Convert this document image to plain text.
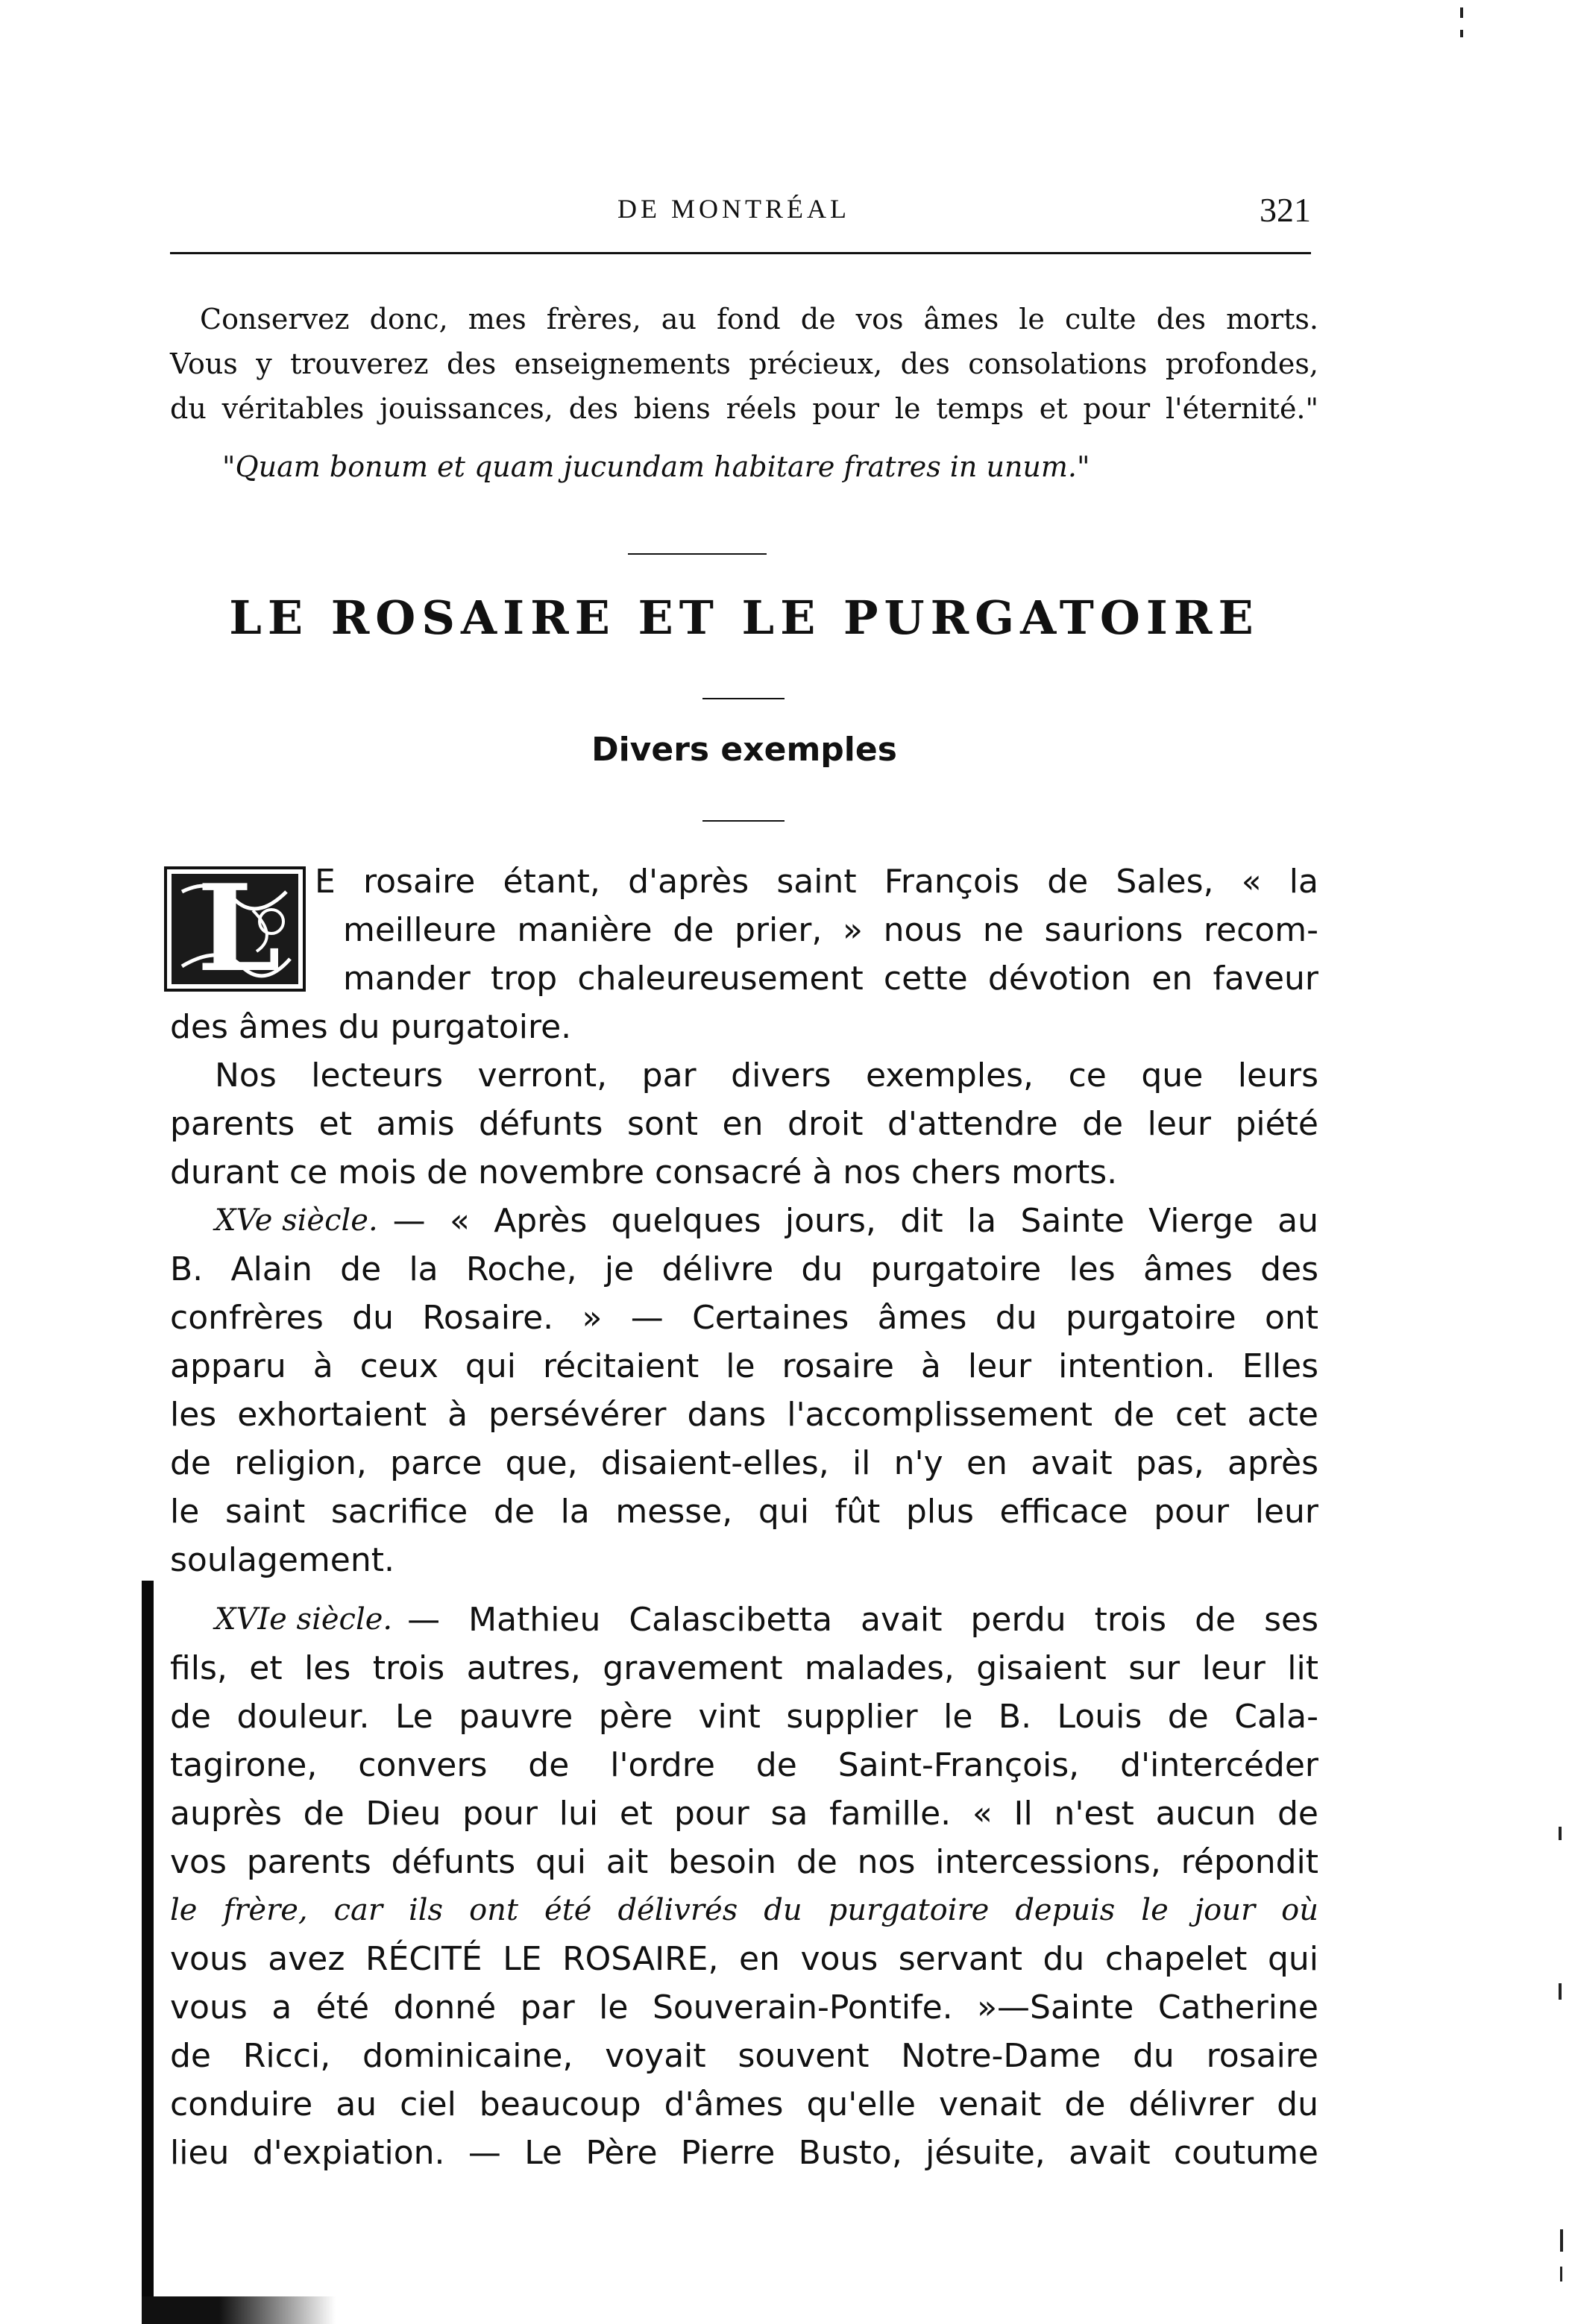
DE MONTRÉAL	321
Conservez donc, mes frères, au fond de vos âmes le culte des morts.
Vous y trouverez des enseignements précieux, des consolations profondes,
du véritables jouissances, des biens réels pour le temps et pour l'éternité."
"Quam bonum et quam jucundam habitare fratres in unum."
LE ROSAIRE ET LE PURGATOIRE
Divers exemples
L E rosaire étant, d'après saint François de Sales, « la
meilleure manière de prier, » nous ne saurions recom-
mander trop chaleureusement cette dévotion en faveur
des âmes du purgatoire.
Nos lecteurs verront, par divers exemples, ce que leurs
parents et amis défunts sont en droit d'attendre de leur piété
durant ce mois de novembre consacré à nos chers morts.
XVe siècle. — « Après quelques jours, dit la Sainte Vierge au
B. Alain de la Roche, je délivre du purgatoire les âmes des
confrères du Rosaire. » — Certaines âmes du purgatoire ont
apparu à ceux qui récitaient le rosaire à leur intention. Elles
les exhortaient à persévérer dans l'accomplissement de cet acte
de religion, parce que, disaient-elles, il n'y en avait pas, après
le saint sacrifice de la messe, qui fût plus efficace pour leur
soulagement.
XVIe siècle. — Mathieu Calascibetta avait perdu trois de ses
fils, et les trois autres, gravement malades, gisaient sur leur lit
de douleur. Le pauvre père vint supplier le B. Louis de Cala-
tagirone, convers de l'ordre de Saint-François, d'intercéder
auprès de Dieu pour lui et pour sa famille. « Il n'est aucun de
vos parents défunts qui ait besoin de nos intercessions, répondit
le frère, car ils ont été délivrés du purgatoire depuis le jour où
vous avez RÉCITÉ LE ROSAIRE, en vous servant du chapelet qui
vous a été donné par le Souverain-Pontife. »—Sainte Catherine
de Ricci, dominicaine, voyait souvent Notre-Dame du rosaire
conduire au ciel beaucoup d'âmes qu'elle venait de délivrer du
lieu d'expiation. — Le Père Pierre Busto, jésuite, avait coutume
